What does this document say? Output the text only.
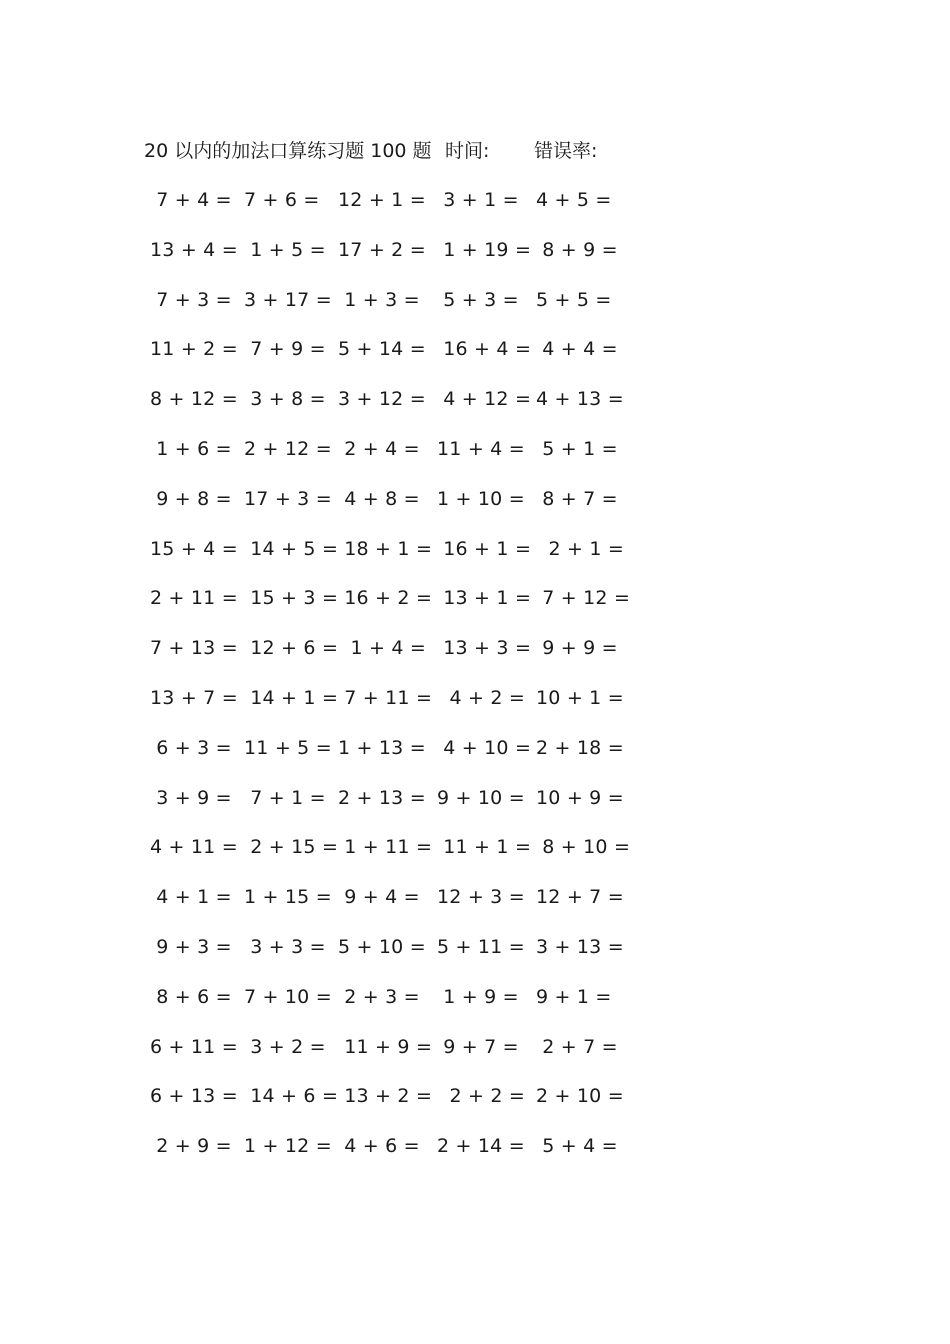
20 以内的加法口算练习题 100 题 时间: 错误率:
7 + 4 = 7 + 6 = 12 + 1 = 3 + 1 = 4 + 5 =
13 + 4 = 1 + 5 = 17 + 2 = 1 + 19 = 8 + 9 =
7 + 3 = 3 + 17 = 1 + 3 = 5 + 3 = 5 + 5 =
11 + 2 = 7 + 9 = 5 + 14 = 16 + 4 = 4 + 4 =
8 + 12 = 3 + 8 = 3 + 12 = 4 + 12 = 4 + 13 =
1 + 6 = 2 + 12 = 2 + 4 = 11 + 4 = 5 + 1 =
9 + 8 = 17 + 3 = 4 + 8 = 1 + 10 = 8 + 7 =
15 + 4 = 14 + 5 = 18 + 1 = 16 + 1 = 2 + 1 =
2 + 11 = 15 + 3 = 16 + 2 = 13 + 1 = 7 + 12 =
7 + 13 = 12 + 6 = 1 + 4 = 13 + 3 = 9 + 9 =
13 + 7 = 14 + 1 = 7 + 11 = 4 + 2 = 10 + 1 =
6 + 3 = 11 + 5 = 1 + 13 = 4 + 10 = 2 + 18 =
3 + 9 = 7 + 1 = 2 + 13 = 9 + 10 = 10 + 9 =
4 + 11 = 2 + 15 = 1 + 11 = 11 + 1 = 8 + 10 =
4 + 1 = 1 + 15 = 9 + 4 = 12 + 3 = 12 + 7 =
9 + 3 = 3 + 3 = 5 + 10 = 5 + 11 = 3 + 13 =
8 + 6 = 7 + 10 = 2 + 3 = 1 + 9 = 9 + 1 =
6 + 11 = 3 + 2 = 11 + 9 = 9 + 7 = 2 + 7 =
6 + 13 = 14 + 6 = 13 + 2 = 2 + 2 = 2 + 10 =
2 + 9 = 1 + 12 = 4 + 6 = 2 + 14 = 5 + 4 =
